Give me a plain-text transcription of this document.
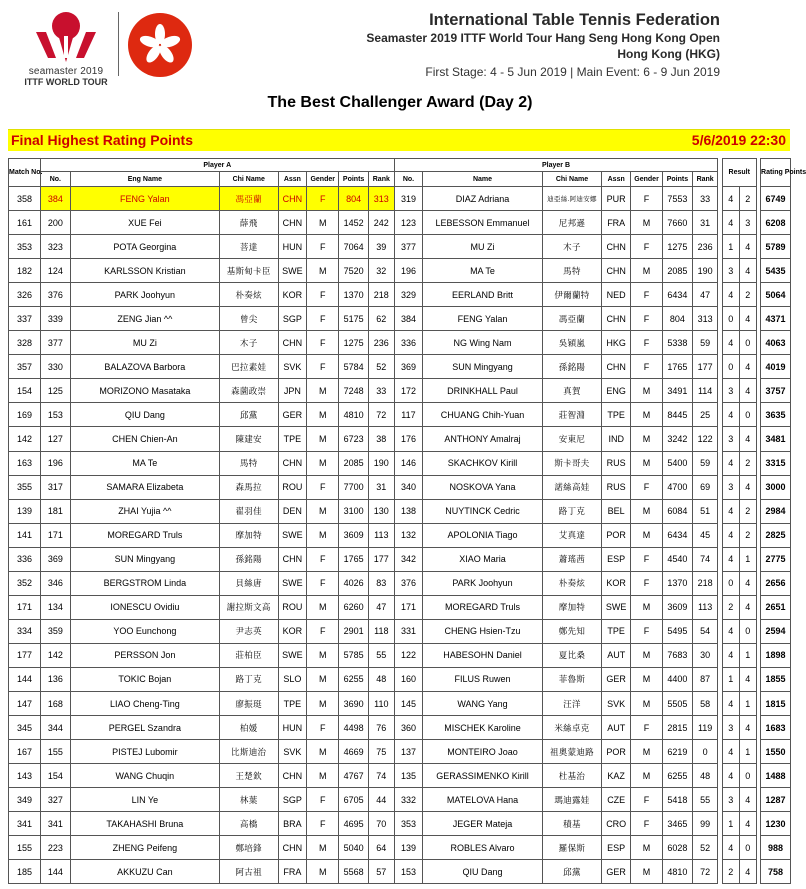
seamaster 2019
ITTF WORLD TOUR
International Table Tennis Federation
Seamaster 2019 ITTF World Tour Hang Seng Hong Kong Open
Hong Kong (HKG)
First Stage: 4 - 5 Jun 2019 | Main Event: 6 - 9 Jun 2019
The Best Challenger Award (Day 2)
Final Highest Rating Points	5/6/2019 22:30
Match No.	Player A							Player B								Result			Rating Points
	No.	Eng Name	Chi Name	Assn	Gender	Points	Rank	No.	Name	Chi Name	Assn	Gender	Points	Rank					
358	384	FENG Yalan	馮亞蘭	CHN	F	804	313	319	DIAZ Adriana	迪亞絲.阿迪安娜	PUR	F	7553	33		4	2		6749
161	200	XUE Fei	薛飛	CHN	M	1452	242	123	LEBESSON Emmanuel	尼邦遜	FRA	M	7660	31		4	3		6208
353	323	POTA Georgina	菩達	HUN	F	7064	39	377	MU Zi	木子	CHN	F	1275	236		1	4		5789
182	124	KARLSSON Kristian	基斯甸卡臣	SWE	M	7520	32	196	MA Te	馬特	CHN	M	2085	190		3	4		5435
326	376	PARK Joohyun	朴奏炫	KOR	F	1370	218	329	EERLAND Britt	伊爾蘭特	NED	F	6434	47		4	2		5064
337	339	ZENG Jian ^^	曾尖	SGP	F	5175	62	384	FENG Yalan	馮亞蘭	CHN	F	804	313		0	4		4371
328	377	MU Zi	木子	CHN	F	1275	236	336	NG Wing Nam	吳穎嵐	HKG	F	5338	59		4	0		4063
357	330	BALAZOVA Barbora	巴拉素娃	SVK	F	5784	52	369	SUN Mingyang	孫銘陽	CHN	F	1765	177		0	4		4019
154	125	MORIZONO Masataka	森薗政崇	JPN	M	7248	33	172	DRINKHALL Paul	真賀	ENG	M	3491	114		3	4		3757
169	153	QIU Dang	邱黨	GER	M	4810	72	117	CHUANG Chih-Yuan	莊智淵	TPE	M	8445	25		4	0		3635
142	127	CHEN Chien-An	陳建安	TPE	M	6723	38	176	ANTHONY Amalraj	安東尼	IND	M	3242	122		3	4		3481
163	196	MA Te	馬特	CHN	M	2085	190	146	SKACHKOV Kirill	斯卡哥夫	RUS	M	5400	59		4	2		3315
355	317	SAMARA Elizabeta	森馬拉	ROU	F	7700	31	340	NOSKOVA Yana	諾絲高娃	RUS	F	4700	69		3	4		3000
139	181	ZHAI Yujia ^^	翟羽佳	DEN	M	3100	130	138	NUYTINCK Cedric	路丁克	BEL	M	6084	51		4	2		2984
141	171	MOREGARD Truls	摩加特	SWE	M	3609	113	132	APOLONIA Tiago	艾真達	POR	M	6434	45		4	2		2825
336	369	SUN Mingyang	孫銘陽	CHN	F	1765	177	342	XIAO Maria	蕭瑤茜	ESP	F	4540	74		4	1		2775
352	346	BERGSTROM Linda	貝絲唐	SWE	F	4026	83	376	PARK Joohyun	朴奏炫	KOR	F	1370	218		0	4		2656
171	134	IONESCU Ovidiu	謝拉斯文高	ROU	M	6260	47	171	MOREGARD Truls	摩加特	SWE	M	3609	113		2	4		2651
334	359	YOO Eunchong	尹志英	KOR	F	2901	118	331	CHENG Hsien-Tzu	鄭先知	TPE	F	5495	54		4	0		2594
177	142	PERSSON Jon	莊柏臣	SWE	M	5785	55	122	HABESOHN Daniel	夏比桑	AUT	M	7683	30		4	1		1898
144	136	TOKIC Bojan	路丁克	SLO	M	6255	48	160	FILUS Ruwen	菲魯斯	GER	M	4400	87		1	4		1855
147	168	LIAO Cheng-Ting	廖振珽	TPE	M	3690	110	145	WANG Yang	汪洋	SVK	M	5505	58		4	1		1815
345	344	PERGEL Szandra	柏媛	HUN	F	4498	76	360	MISCHEK Karoline	米絲卓克	AUT	F	2815	119		3	4		1683
167	155	PISTEJ Lubomir	比斯迪治	SVK	M	4669	75	137	MONTEIRO Joao	祖奧蒙迪路	POR	M	6219	0		4	1		1550
143	154	WANG Chuqin	王楚欽	CHN	M	4767	74	135	GERASSIMENKO Kirill	杜基治	KAZ	M	6255	48		4	0		1488
349	327	LIN Ye	林葉	SGP	F	6705	44	332	MATELOVA Hana	瑪迪露娃	CZE	F	5418	55		3	4		1287
341	341	TAKAHASHI Bruna	高橋	BRA	F	4695	70	353	JEGER Mateja	積基	CRO	F	3465	99		1	4		1230
155	223	ZHENG Peifeng	鄭培鋒	CHN	M	5040	64	139	ROBLES Alvaro	羅保斯	ESP	M	6028	52		4	0		988
185	144	AKKUZU Can	阿古祖	FRA	M	5568	57	153	QIU Dang	邱黨	GER	M	4810	72		2	4		758
